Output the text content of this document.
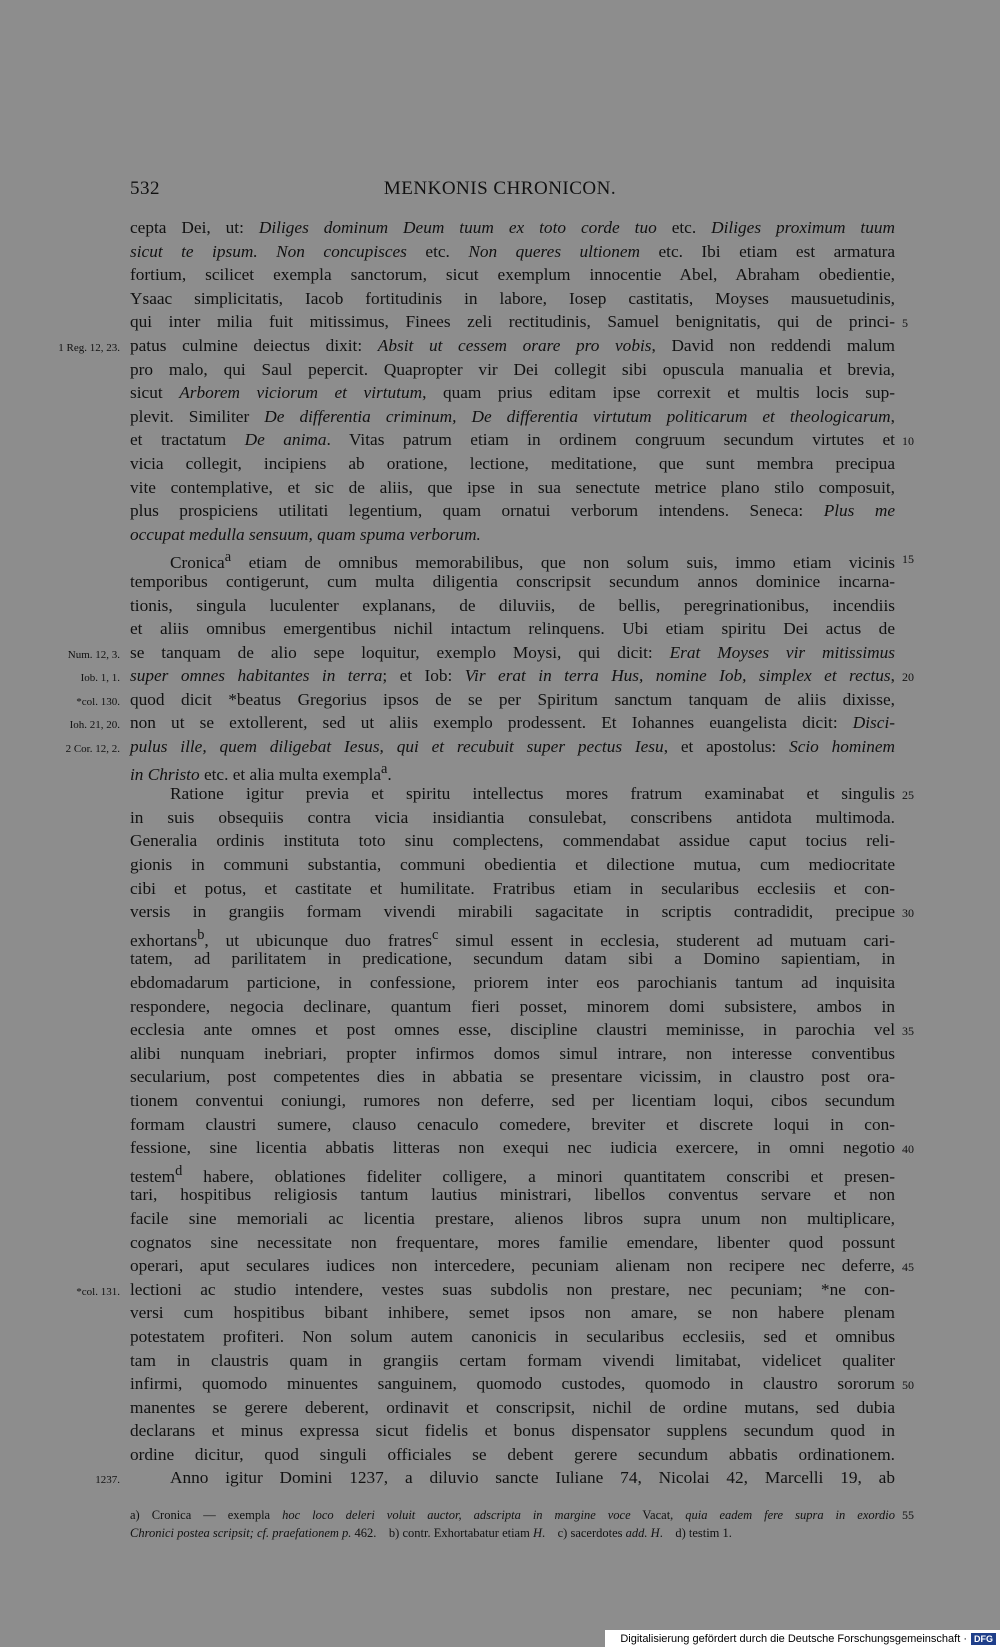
532	MENKONIS CHRONICON.
cepta Dei, ut: Diliges dominum Deum tuum ex toto corde tuo etc. Diliges proximum tuum
sicut te ipsum. Non concupisces etc. Non queres ultionem etc. Ibi etiam est armatura
fortium, scilicet exempla sanctorum, sicut exemplum innocentie Abel, Abraham obedientie,
Ysaac simplicitatis, Iacob fortitudinis in labore, Iosep castitatis, Moyses mausuetudinis,
qui inter milia fuit mitissimus, Finees zeli rectitudinis, Samuel benignitatis, qui de princi- 5
patus culmine deiectus dixit: Absit ut cessem orare pro vobis, David non reddendi malum
1 Reg. 12, 23.
pro malo, qui Saul pepercit. Quapropter vir Dei collegit sibi opuscula manualia et brevia,
sicut Arborem viciorum et virtutum, quam prius editam ipse correxit et multis locis sup-
plevit. Similiter De differentia criminum, De differentia virtutum politicarum et theologicarum,
et tractatum De anima. Vitas patrum etiam in ordinem congruum secundum virtutes et 10
vicia collegit, incipiens ab oratione, lectione, meditatione, que sunt membra precipua
vite contemplative, et sic de aliis, que ipse in sua senectute metrice plano stilo composuit,
plus prospiciens utilitati legentium, quam ornatui verborum intendens. Seneca: Plus me
occupat medulla sensuum, quam spuma verborum.
Cronica$^a$ etiam de omnibus memorabilibus, que non solum suis, immo etiam vicinis 15
temporibus contigerunt, cum multa diligentia conscripsit secundum annos dominice incarna-
tionis, singula luculenter explanans, de diluviis, de bellis, peregrinationibus, incendiis
et aliis omnibus emergentibus nichil intactum relinquens. Ubi etiam spiritu Dei actus de
se tanquam de alio sepe loquitur, exemplo Moysi, qui dicit: Erat Moyses vir mitissimus
Num. 12, 3.
super omnes habitantes in terra; et Iob: Vir erat in terra Hus, nomine Iob, simplex et rectus, 20
Iob. 1, 1.
quod dicit *beatus Gregorius ipsos de se per Spiritum sanctum tanquam de aliis dixisse,
*col. 130.
non ut se extollerent, sed ut aliis exemplo prodessent. Et Iohannes euangelista dicit: Disci-
Ioh. 21, 20.
pulus ille, quem diligebat Iesus, qui et recubuit super pectus Iesu, et apostolus: Scio hominem
2 Cor. 12, 2.
in Christo etc. et alia multa exempla$^a$.
Ratione igitur previa et spiritu intellectus mores fratrum examinabat et singulis 25
in suis obsequiis contra vicia insidiantia consulebat, conscribens antidota multimoda.
Generalia ordinis instituta toto sinu complectens, commendabat assidue caput tocius reli-
gionis in communi substantia, communi obedientia et dilectione mutua, cum mediocritate
cibi et potus, et castitate et humilitate. Fratribus etiam in secularibus ecclesiis et con-
versis in grangiis formam vivendi mirabili sagacitate in scriptis contradidit, precipue 30
exhortans$^b$, ut ubicunque duo fratres$^c$ simul essent in ecclesia, studerent ad mutuam cari-
tatem, ad parilitatem in predicatione, secundum datam sibi a Domino sapientiam, in
ebdomadarum particione, in confessione, priorem inter eos parochianis tantum ad inquisita
respondere, negocia declinare, quantum fieri posset, minorem domi subsistere, ambos in
ecclesia ante omnes et post omnes esse, discipline claustri meminisse, in parochia vel 35
alibi nunquam inebriari, propter infirmos domos simul intrare, non interesse conventibus
secularium, post competentes dies in abbatia se presentare vicissim, in claustro post ora-
tionem conventui coniungi, rumores non deferre, sed per licentiam loqui, cibos secundum
formam claustri sumere, clauso cenaculo comedere, breviter et discrete loqui in con-
fessione, sine licentia abbatis litteras non exequi nec iudicia exercere, in omni negotio 40
testem$^d$ habere, oblationes fideliter colligere, a minori quantitatem conscribi et presen-
tari, hospitibus religiosis tantum lautius ministrari, libellos conventus servare et non
facile sine memoriali ac licentia prestare, alienos libros supra unum non multiplicare,
cognatos sine necessitate non frequentare, mores familie emendare, libenter quod possunt
operari, aput seculares iudices non intercedere, pecuniam alienam non recipere nec deferre, 45
lectioni ac studio intendere, vestes suas subdolis non prestare, nec pecuniam; *ne con-
*col. 131.
versi cum hospitibus bibant inhibere, semet ipsos non amare, se non habere plenam
potestatem profiteri. Non solum autem canonicis in secularibus ecclesiis, sed et omnibus
tam in claustris quam in grangiis certam formam vivendi limitabat, videlicet qualiter
infirmi, quomodo minuentes sanguinem, quomodo custodes, quomodo in claustro sororum 50
manentes se gerere deberent, ordinavit et conscripsit, nichil de ordine mutans, sed dubia
declarans et minus expressa sicut fidelis et bonus dispensator supplens secundum quod in
ordine dicitur, quod singuli officiales se debent gerere secundum abbatis ordinationem.
Anno igitur Domini 1237, a diluvio sancte Iuliane 74, Nicolai 42, Marcelli 19, ab
1237.
a) Cronica — exempla hoc loco deleri voluit auctor, adscripta in margine voce Vacat, quia eadem fere supra in exordio 55
Chronici postea scripsit; cf. praefationem p. 462.    b) contr. Exhortabatur etiam H.    c) sacerdotes add. H.    d) testim 1.
Digitalisierung gefördert durch die Deutsche Forschungsgemeinschaft · DFG
